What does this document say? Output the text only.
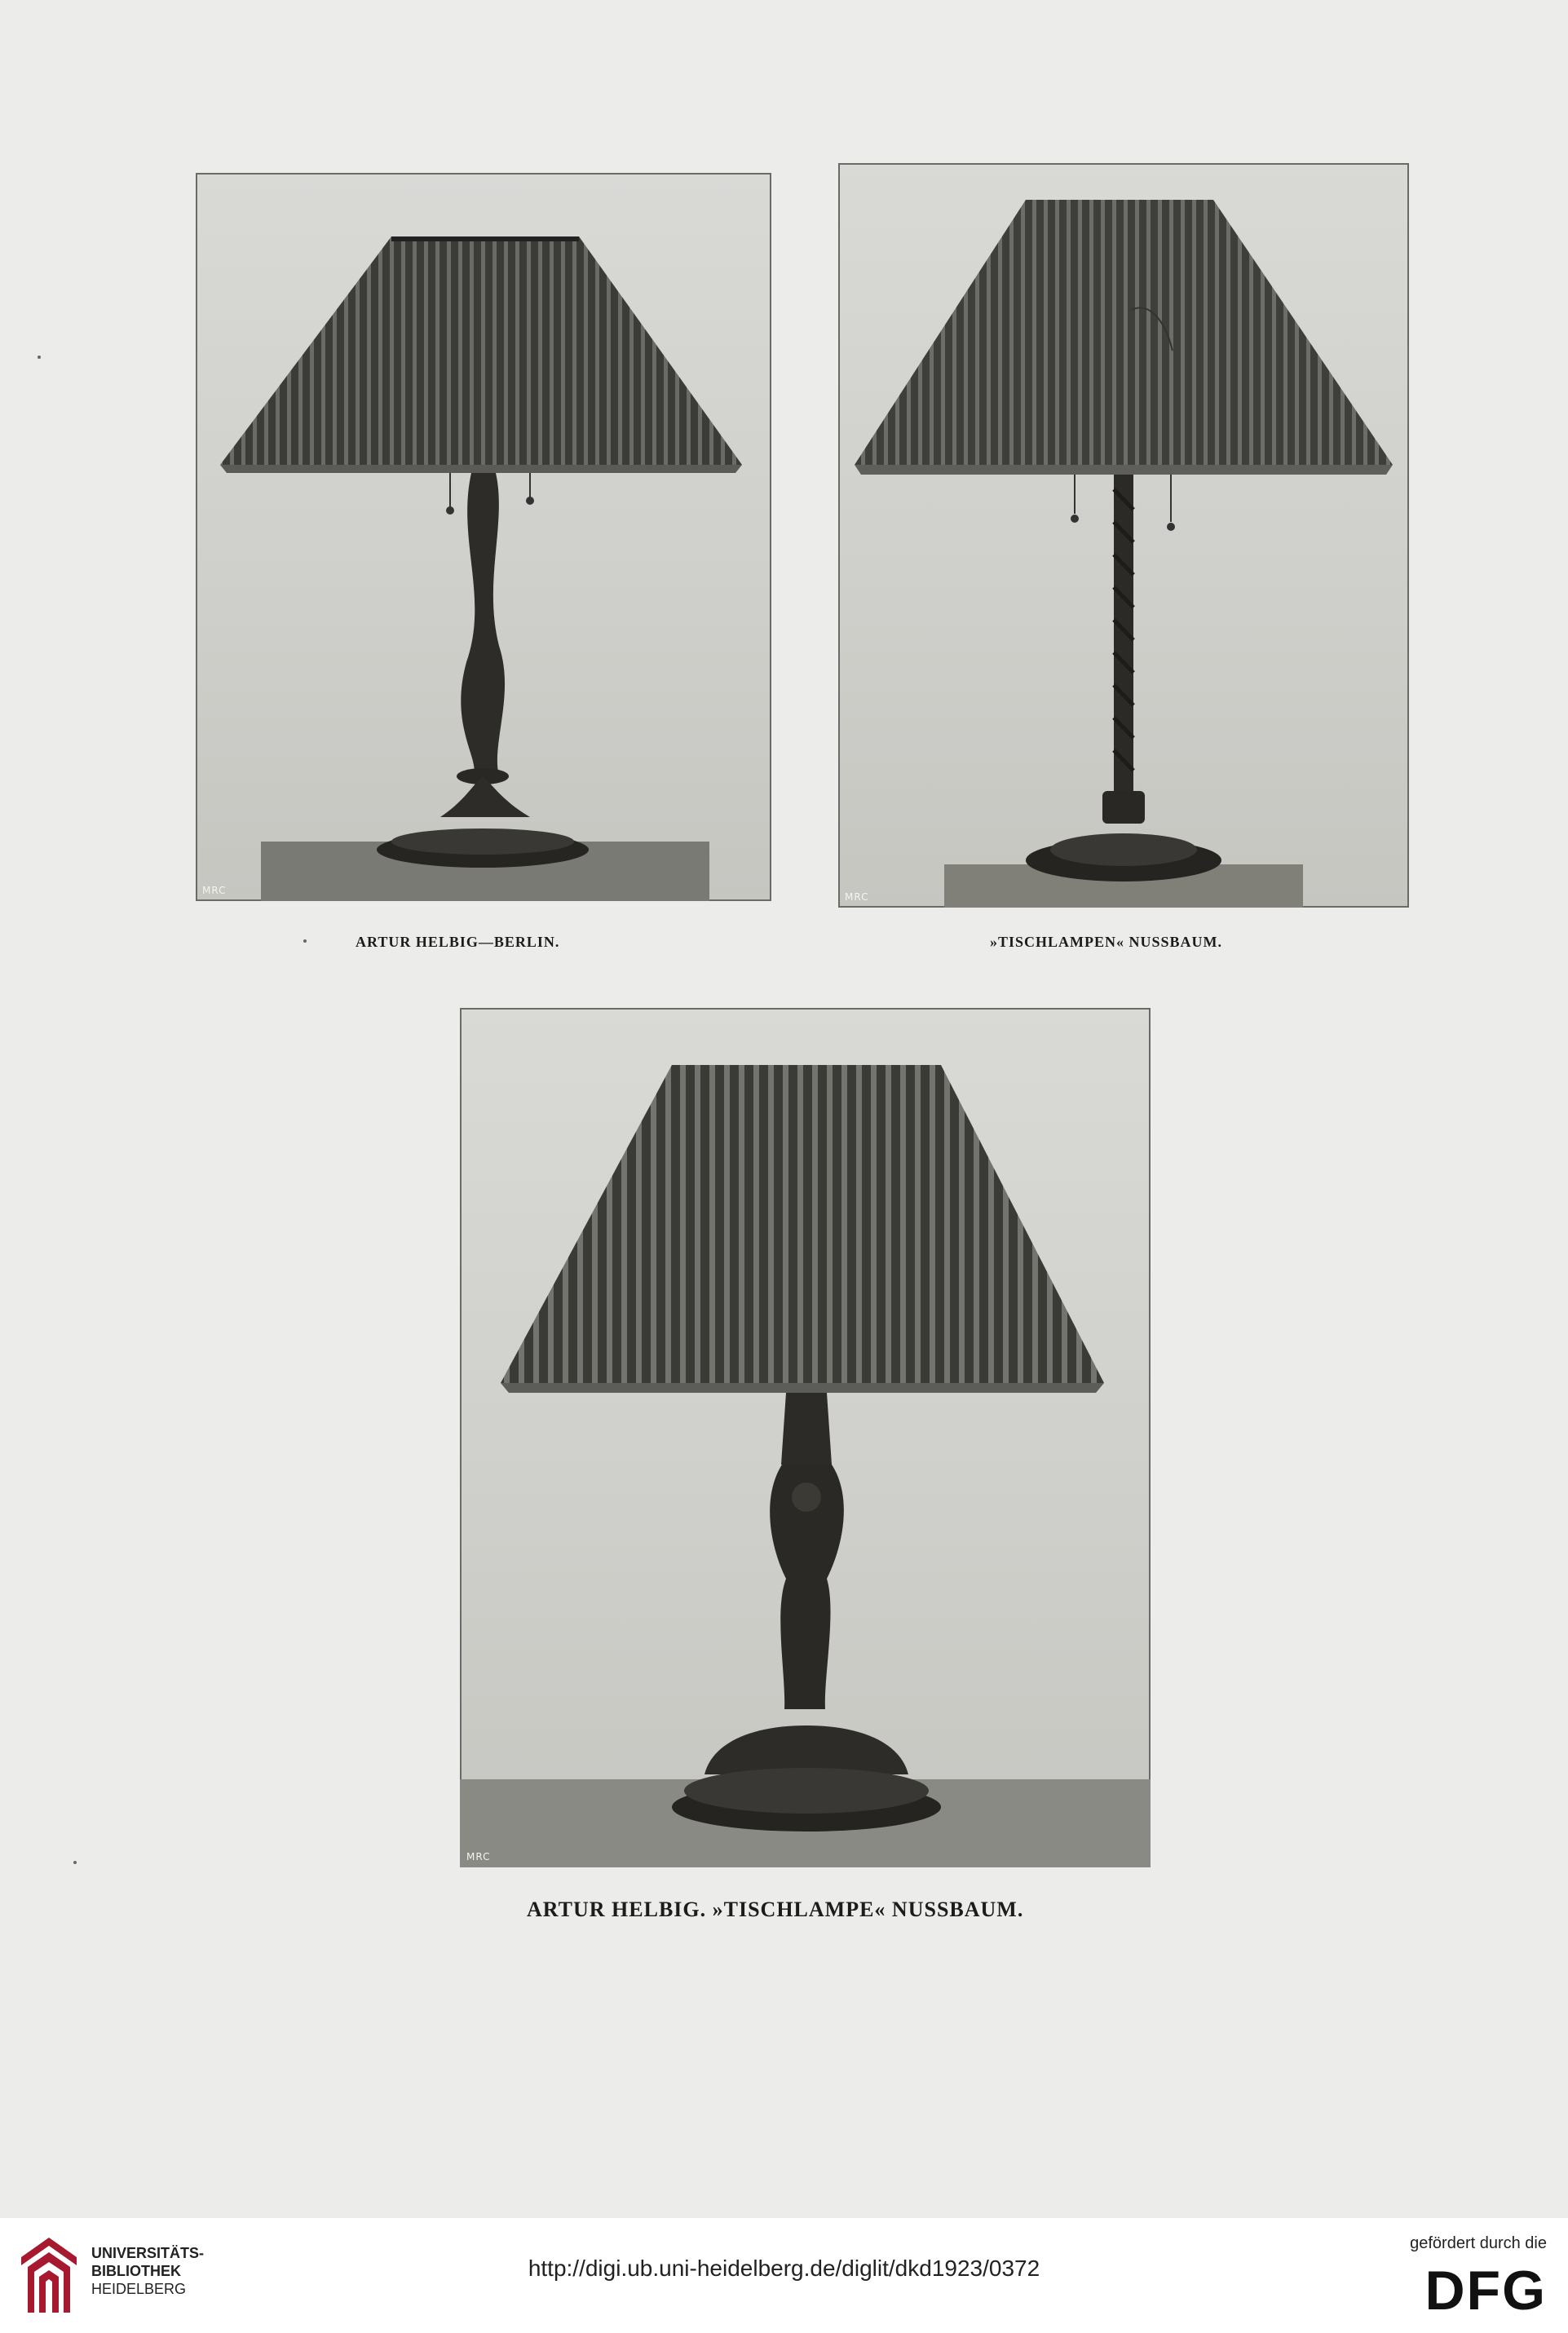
MRC
MRC
ARTUR HELBIG—BERLIN.	»TISCHLAMPEN« NUSSBAUM.
MRC
ARTUR HELBIG. »TISCHLAMPE« NUSSBAUM.
UNIVERSITÄTS-
BIBLIOTHEK
HEIDELBERG
http://digi.ub.uni-heidelberg.de/diglit/dkd1923/0372
gefördert durch die
DFG
